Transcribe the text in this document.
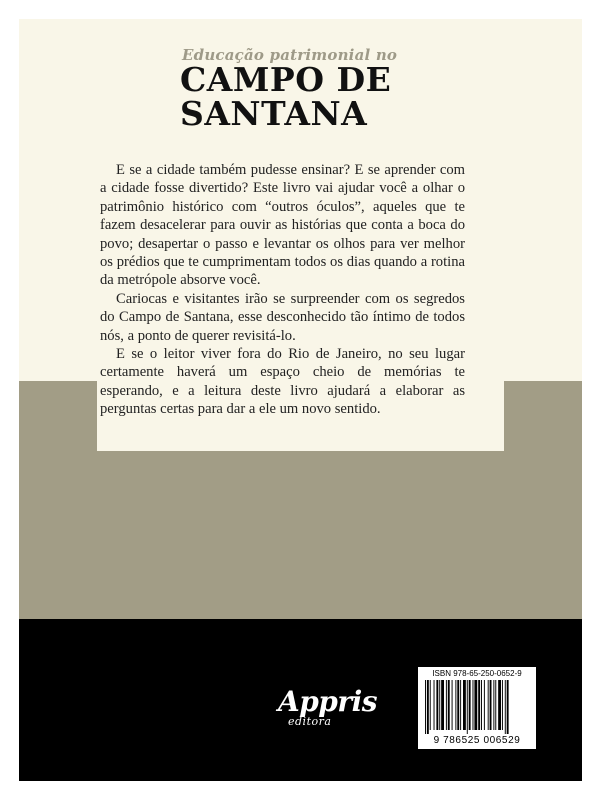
Educação patrimonial no
CAMPO DE
SANTANA

E se a cidade também pudesse ensinar? E se aprender com a cidade fosse divertido? Este livro vai ajudar você a olhar o patrimônio histórico com “outros óculos”, aqueles que te fazem desacelerar para ouvir as histórias que conta a boca do povo; desapertar o passo e levantar os olhos para ver melhor os prédios que te cumprimentam todos os dias quando a rotina da metrópole absorve você.

Cariocas e visitantes irão se surpreender com os segredos do Campo de Santana, esse desconhecido tão íntimo de todos nós, a ponto de querer revisitá-lo.

E se o leitor viver fora do Rio de Janeiro, no seu lugar certamente haverá um espaço cheio de memórias te esperando, e a leitura deste livro ajudará a elaborar as perguntas certas para dar a ele um novo sentido.

Appris
editora
ISBN 978-65-250-0652-9
9 786525 006529
